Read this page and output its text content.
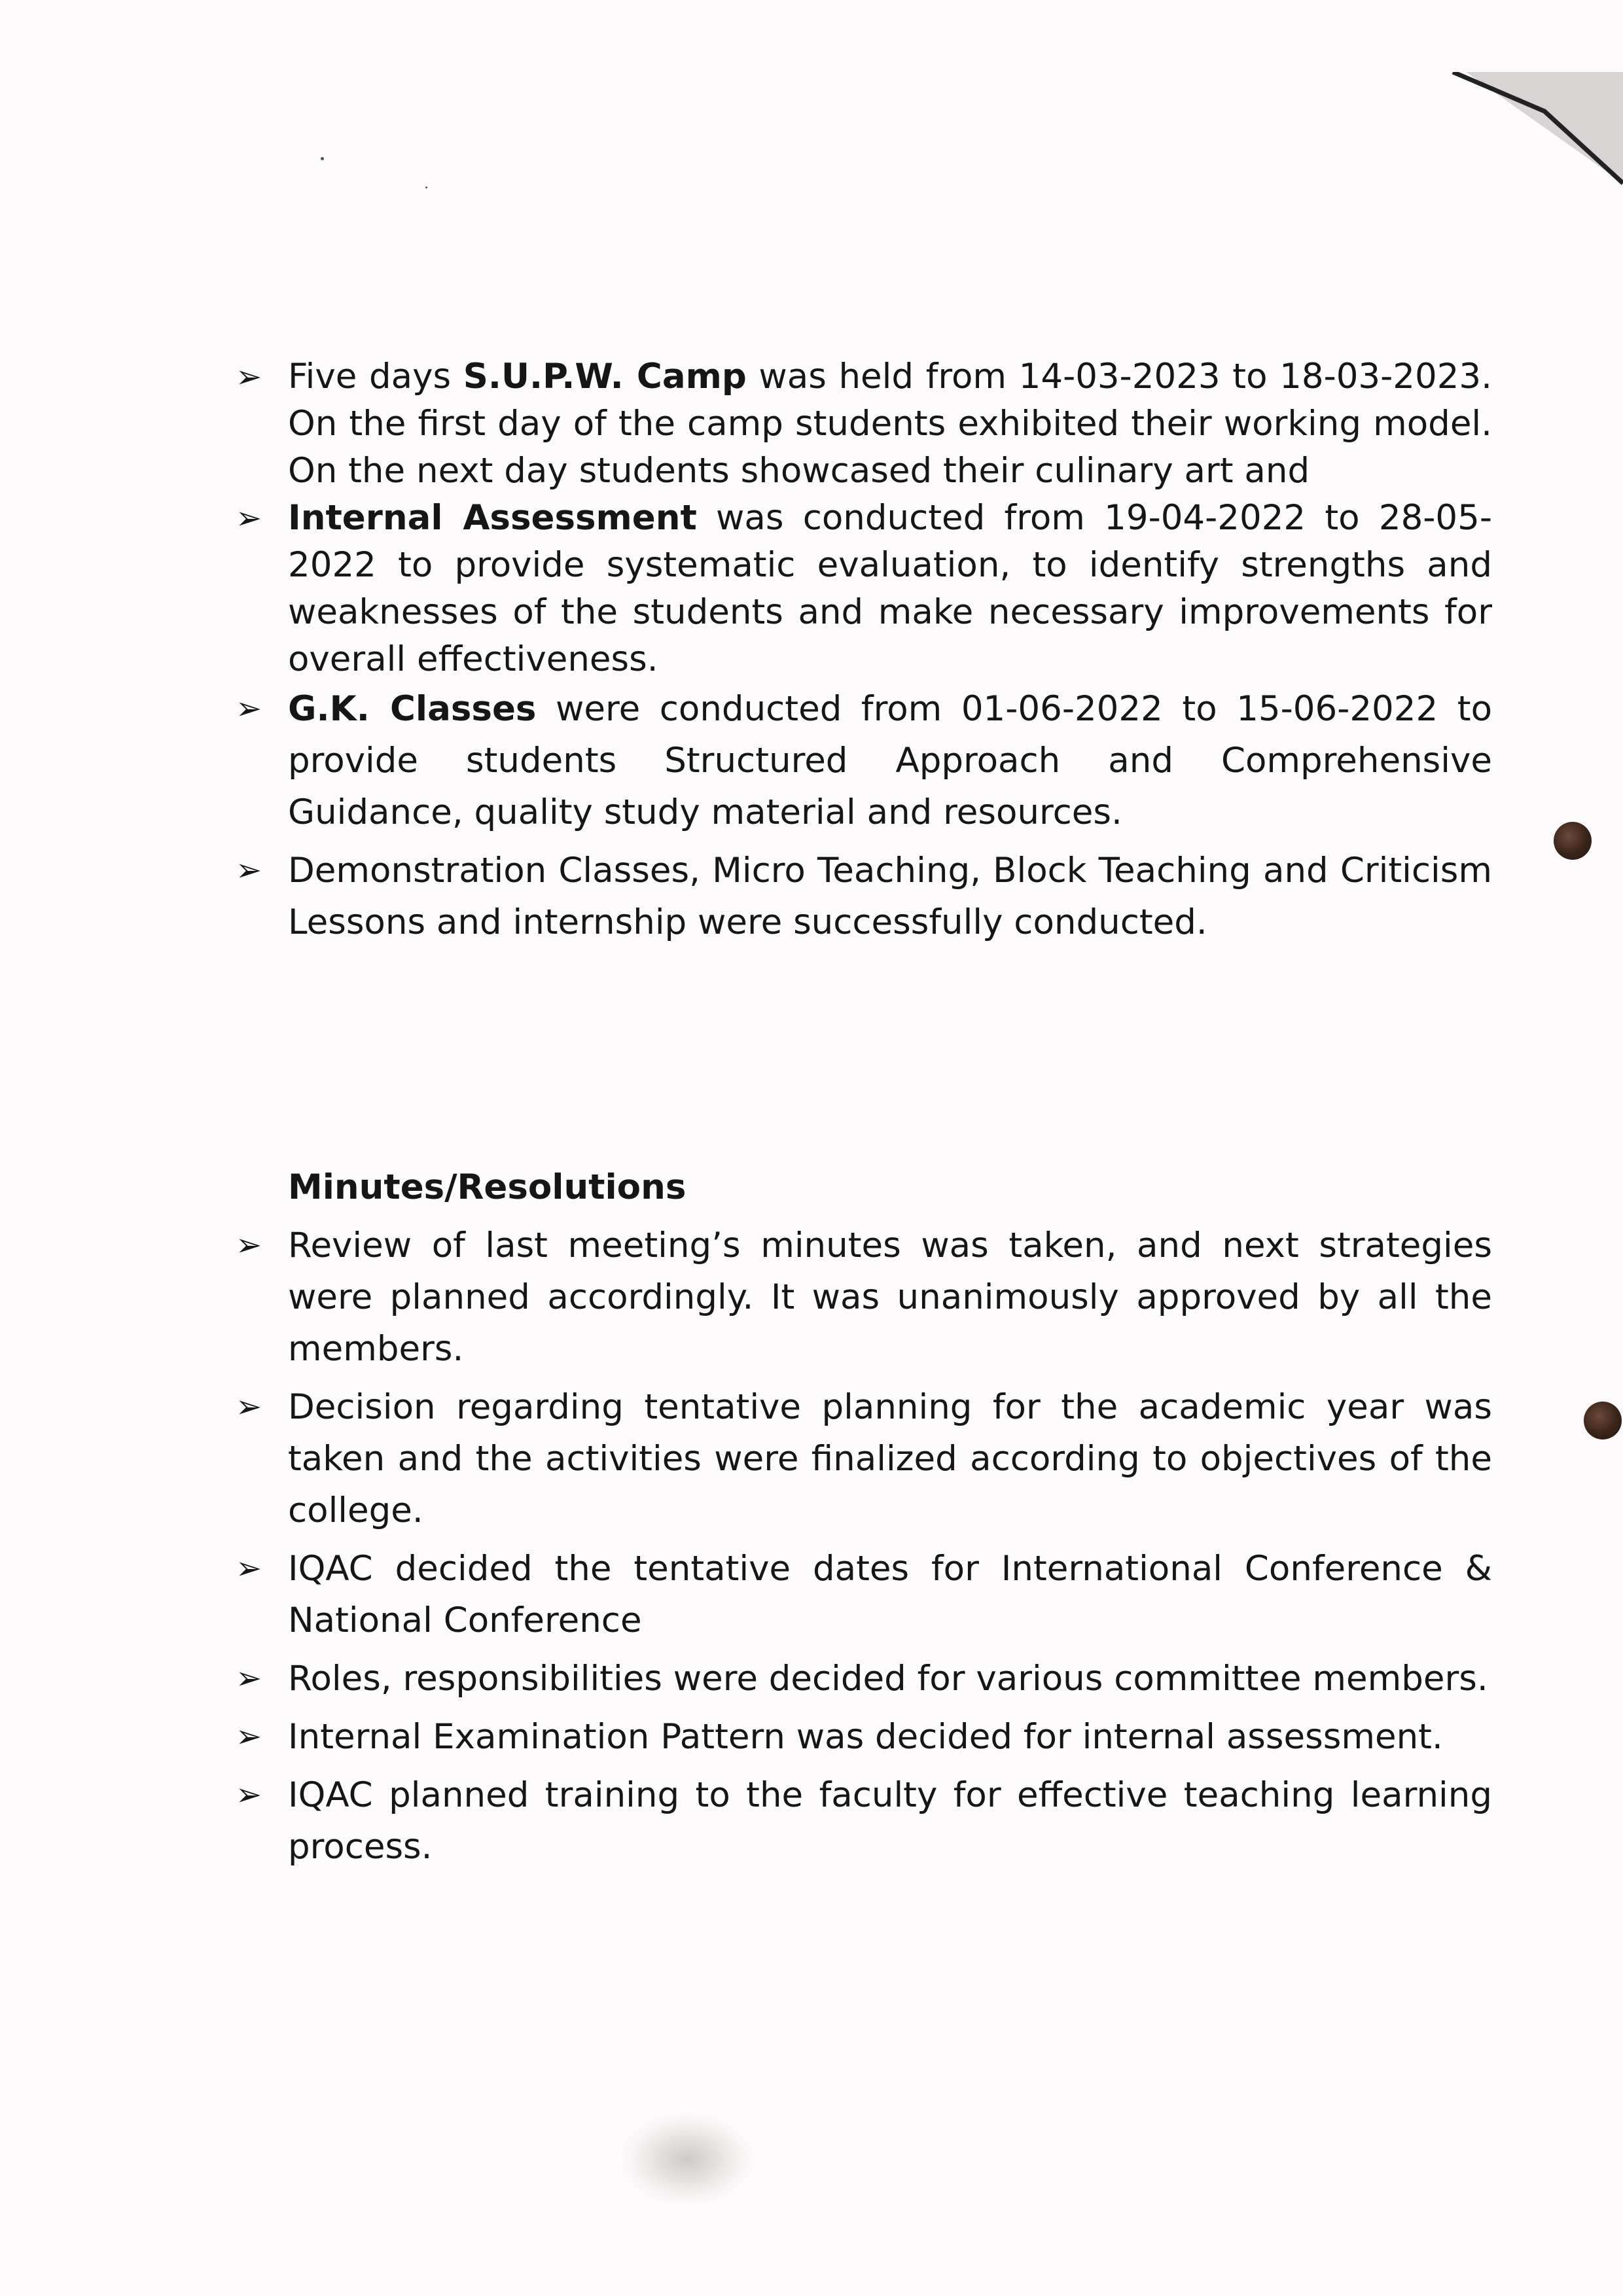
➢ Five days S.U.P.W. Camp was held from 14-03-2023 to 18-03-2023. On the first day of the camp students exhibited their working model. On the next day students showcased their culinary art and
➢ Internal Assessment was conducted from 19-04-2022 to 28-05-2022 to provide systematic evaluation, to identify strengths and weaknesses of the students and make necessary improvements for overall effectiveness.
➢ G.K. Classes were conducted from 01-06-2022 to 15-06-2022 to provide students Structured Approach and Comprehensive Guidance, quality study material and resources.
➢ Demonstration Classes, Micro Teaching, Block Teaching and Criticism Lessons and internship were successfully conducted.
Minutes/Resolutions
➢ Review of last meeting’s minutes was taken, and next strategies were planned accordingly. It was unanimously approved by all the members.
➢ Decision regarding tentative planning for the academic year was taken and the activities were finalized according to objectives of the college.
➢ IQAC decided the tentative dates for International Conference & National Conference
➢ Roles, responsibilities were decided for various committee members.
➢ Internal Examination Pattern was decided for internal assessment.
➢ IQAC planned training to the faculty for effective teaching learning process.
